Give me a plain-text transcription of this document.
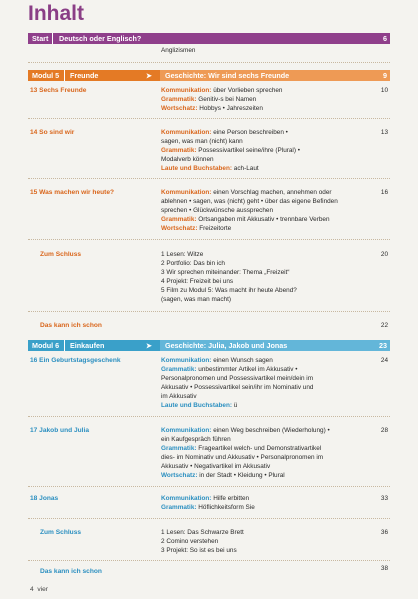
Inhalt
Start Deutsch oder Englisch?	6
Anglizismen
Modul 5 Freunde	➤ Geschichte: Wir sind sechs Freunde	9
13 Sechs Freunde	10
Kommunikation: über Vorlieben sprechen
Grammatik: Genitiv-s bei Namen
Wortschatz: Hobbys • Jahreszeiten
14 So sind wir	13
Kommunikation: eine Person beschreiben •
sagen, was man (nicht) kann
Grammatik: Possessivartikel seine/ihre (Plural) •
Modalverb können
Laute und Buchstaben: ach-Laut
15 Was machen wir heute?	16
Kommunikation: einen Vorschlag machen, annehmen oder
ablehnen • sagen, was (nicht) geht • über das eigene Befinden
sprechen • Glückwünsche aussprechen
Grammatik: Ortsangaben mit Akkusativ • trennbare Verben
Wortschatz: Freizeitorte
Zum Schluss	20
1 Lesen: Witze
2 Portfolio: Das bin ich
3 Wir sprechen miteinander: Thema „Freizeit“
4 Projekt: Freizeit bei uns
5 Film zu Modul 5: Was macht ihr heute Abend?
(sagen, was man macht)
Das kann ich schon	22
Modul 6 Einkaufen	➤ Geschichte: Julia, Jakob und Jonas	23
16 Ein Geburtstagsgeschenk	24
Kommunikation: einen Wunsch sagen
Grammatik: unbestimmter Artikel im Akkusativ •
Personalpronomen und Possessivartikel mein/dein im
Akkusativ • Possessivartikel sein/ihr im Nominativ und
im Akkusativ
Laute und Buchstaben: ü
17 Jakob und Julia	28
Kommunikation: einen Weg beschreiben (Wiederholung) •
ein Kaufgespräch führen
Grammatik: Frageartikel welch- und Demonstrativartikel
dies- im Nominativ und Akkusativ • Personalpronomen im
Akkusativ • Negativartikel im Akkusativ
Wortschatz: in der Stadt • Kleidung • Plural
18 Jonas	33
Kommunikation: Hilfe erbitten
Grammatik: Höflichkeitsform Sie
Zum Schluss	36
1 Lesen: Das Schwarze Brett
2 Comino verstehen
3 Projekt: So ist es bei uns
Das kann ich schon	38
4 vier
